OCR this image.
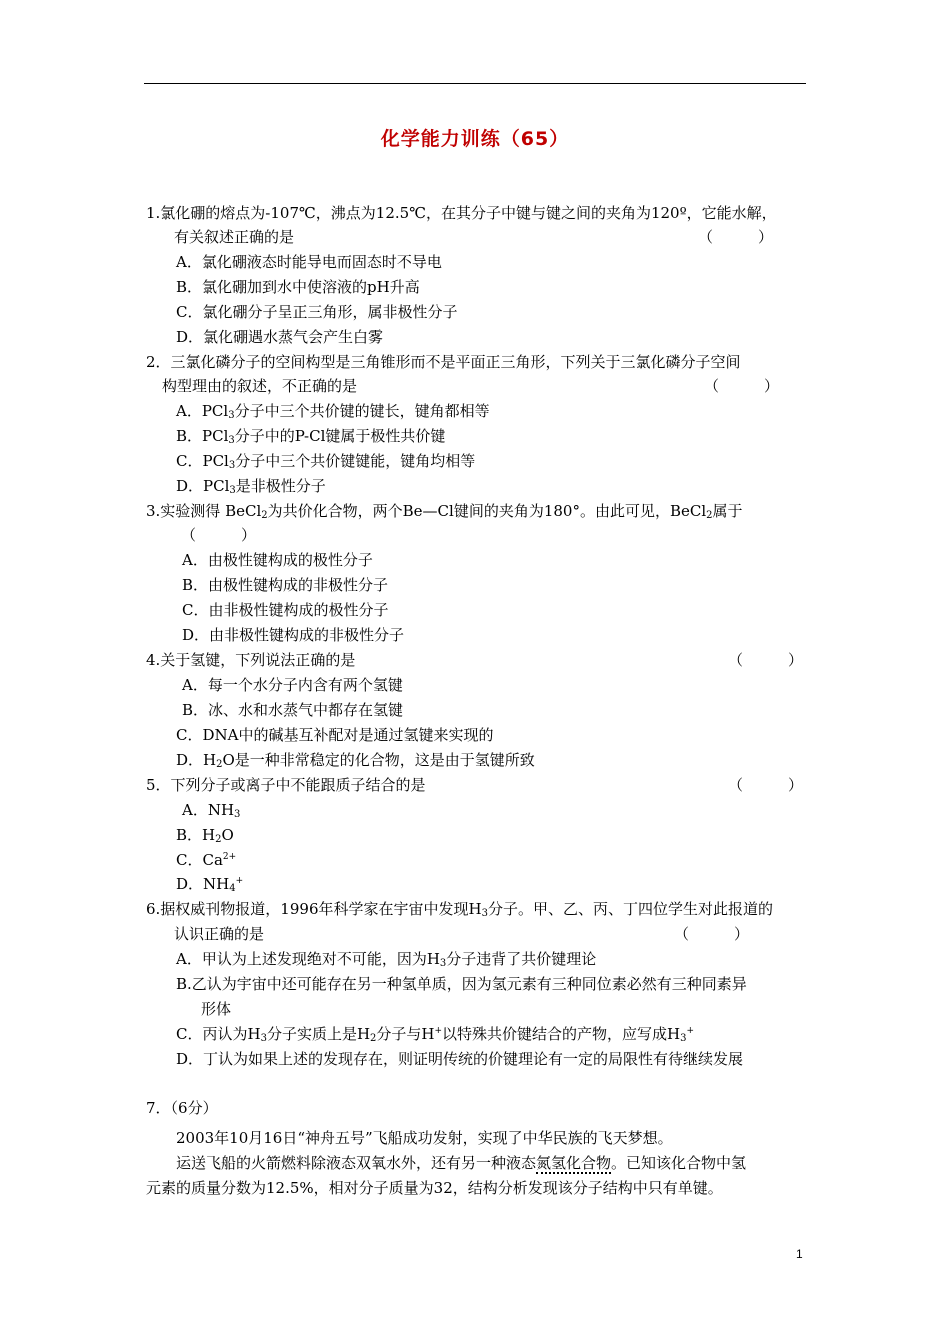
化学能力训练（65）
1.氯化硼的熔点为-107℃，沸点为12.5℃，在其分子中键与键之间的夹角为120º，它能水解，
有关叙述正确的是	（　　　）
A．氯化硼液态时能导电而固态时不导电
B．氯化硼加到水中使溶液的pH升高
C．氯化硼分子呈正三角形，属非极性分子
D．氯化硼遇水蒸气会产生白雾
2．三氯化磷分子的空间构型是三角锥形而不是平面正三角形，下列关于三氯化磷分子空间
构型理由的叙述，不正确的是	（　　　）
A．PCl$_3$分子中三个共价键的键长，键角都相等
B．PCl$_3$分子中的P-Cl键属于极性共价键
C．PCl$_3$分子中三个共价键键能，键角均相等
D．PCl$_3$是非极性分子
3.实验测得 BeCl$_2$为共价化合物，两个Be—Cl键间的夹角为180°。由此可见，BeCl$_2$属于
（　　　）
A．由极性键构成的极性分子
B．由极性键构成的非极性分子
C．由非极性键构成的极性分子
D．由非极性键构成的非极性分子
4.关于氢键，下列说法正确的是	（　　　）
A．每一个水分子内含有两个氢键
B．冰、水和水蒸气中都存在氢键
C．DNA中的碱基互补配对是通过氢键来实现的
D．$H_2O$是一种非常稳定的化合物，这是由于氢键所致
5．下列分子或离子中不能跟质子结合的是	（　　　）
A．$NH_3$
B．$H_2O$
C．$Ca^{2+}$
D．$NH_4^+$
6.据权威刊物报道，1996年科学家在宇宙中发现$H_3$分子。甲、乙、丙、丁四位学生对此报道的
认识正确的是	（　　　）
A．甲认为上述发现绝对不可能，因为$H_3$分子违背了共价键理论
B.乙认为宇宙中还可能存在另一种氢单质，因为氢元素有三种同位素必然有三种同素异
形体
C．丙认为$H_3$分子实质上是$H_2$分子与H+以特殊共价键结合的产物，应写成$H_3^+$
D．丁认为如果上述的发现存在，则证明传统的价键理论有一定的局限性有待继续发展
7．（6分）
2003年10月16日“神舟五号”飞船成功发射，实现了中华民族的飞天梦想。
运送飞船的火箭燃料除液态双氧水外，还有另一种液态氮氢化合物。已知该化合物中氢
元素的质量分数为12.5%，相对分子质量为32，结构分析发现该分子结构中只有单键。
1
